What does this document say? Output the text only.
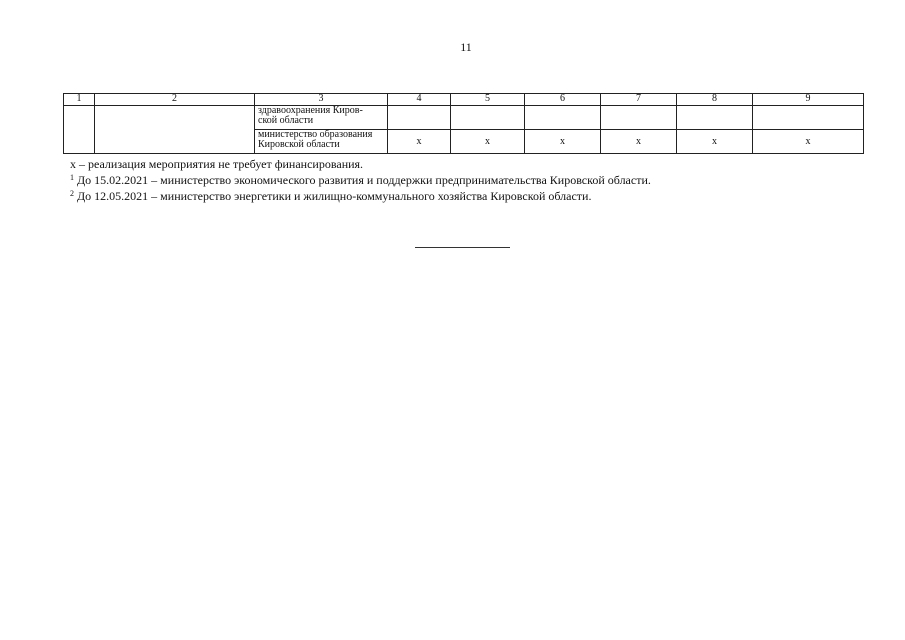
11
1	2	3	4	5	6	7	8	9
		здравоохранения Киров-
ской области						
		министерство образования
Кировской области	x	x	x	x	x	x
х – реализация мероприятия не требует финансирования.
$^1$ До 15.02.2021 – министерство экономического развития и поддержки предпринимательства Кировской области.
$^2$ До 12.05.2021 – министерство энергетики и жилищно-коммунального хозяйства Кировской области.
